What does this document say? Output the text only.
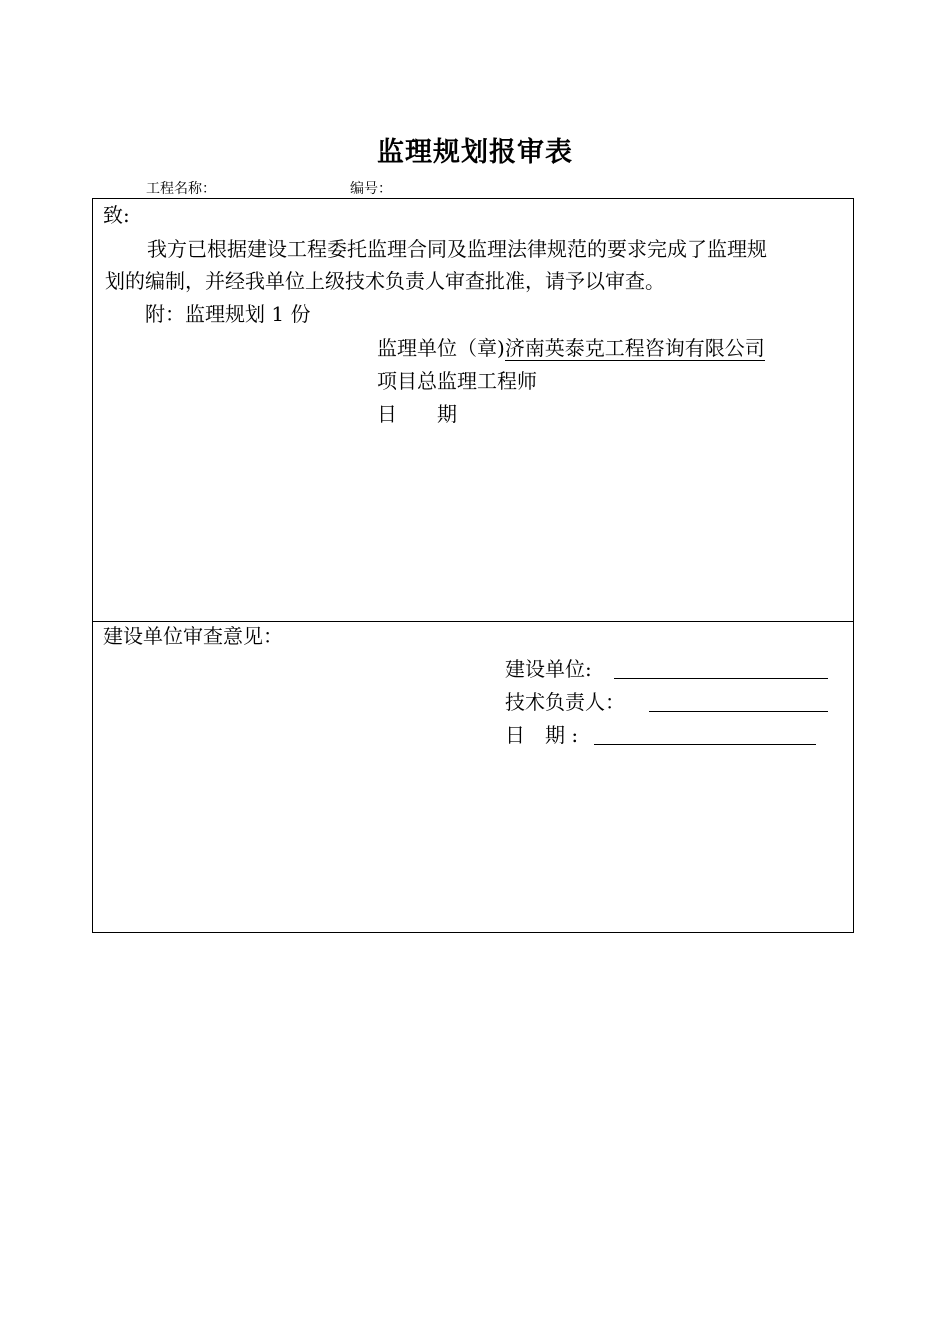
监理规划报审表
工程名称：	编号：
致:
我方已根据建设工程委托监理合同及监理法律规范的要求完成了监理规
划的编制，并经我单位上级技术负责人审查批准，请予以审查。
附：监理规划 1 份
监理单位（章)济南英泰克工程咨询有限公司
项目总监理工程师
日　　期
建设单位审查意见：
建设单位:
技术负责人：
日　期 :
